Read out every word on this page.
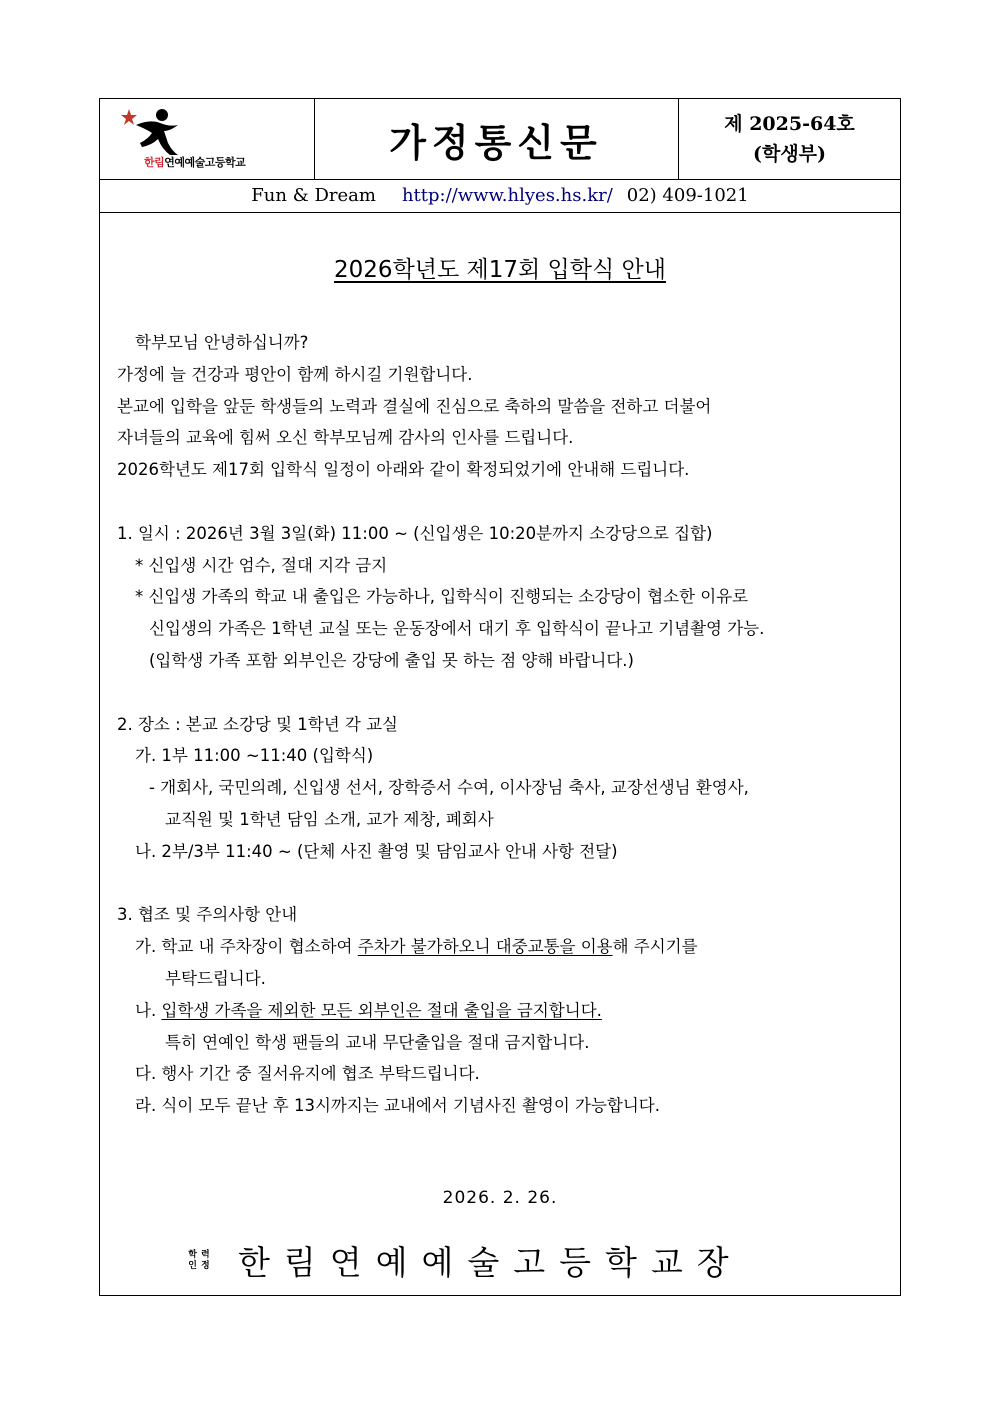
한림연예예술고등학교	가정통신문	제 2025-64호
(학생부)
Fun & Dream http://www.hlyes.hs.kr/ 02) 409-1021
2026학년도 제17회 입학식 안내
학부모님 안녕하십니까?
가정에 늘 건강과 평안이 함께 하시길 기원합니다.
본교에 입학을 앞둔 학생들의 노력과 결실에 진심으로 축하의 말씀을 전하고 더불어
자녀들의 교육에 힘써 오신 학부모님께 감사의 인사를 드립니다.
2026학년도 제17회 입학식 일정이 아래와 같이 확정되었기에 안내해 드립니다.
1. 일시 : 2026년 3월 3일(화) 11:00 ~ (신입생은 10:20분까지 소강당으로 집합)
* 신입생 시간 엄수, 절대 지각 금지
* 신입생 가족의 학교 내 출입은 가능하나, 입학식이 진행되는 소강당이 협소한 이유로
신입생의 가족은 1학년 교실 또는 운동장에서 대기 후 입학식이 끝나고 기념촬영 가능.
(입학생 가족 포함 외부인은 강당에 출입 못 하는 점 양해 바랍니다.)
2. 장소 : 본교 소강당 및 1학년 각 교실
가. 1부 11:00 ~11:40 (입학식)
- 개회사, 국민의례, 신입생 선서, 장학증서 수여, 이사장님 축사, 교장선생님 환영사,
교직원 및 1학년 담임 소개, 교가 제창, 폐회사
나. 2부/3부 11:40 ~ (단체 사진 촬영 및 담임교사 안내 사항 전달)
3. 협조 및 주의사항 안내
가. 학교 내 주차장이 협소하여 주차가 불가하오니 대중교통을 이용해 주시기를
부탁드립니다.
나. 입학생 가족을 제외한 모든 외부인은 절대 출입을 금지합니다.
특히 연예인 학생 팬들의 교내 무단출입을 절대 금지합니다.
다. 행사 기간 중 질서유지에 협조 부탁드립니다.
라. 식이 모두 끝난 후 13시까지는 교내에서 기념사진 촬영이 가능합니다.
2026. 2. 26.
학 력
인 정 한림연예예술고등학교장
